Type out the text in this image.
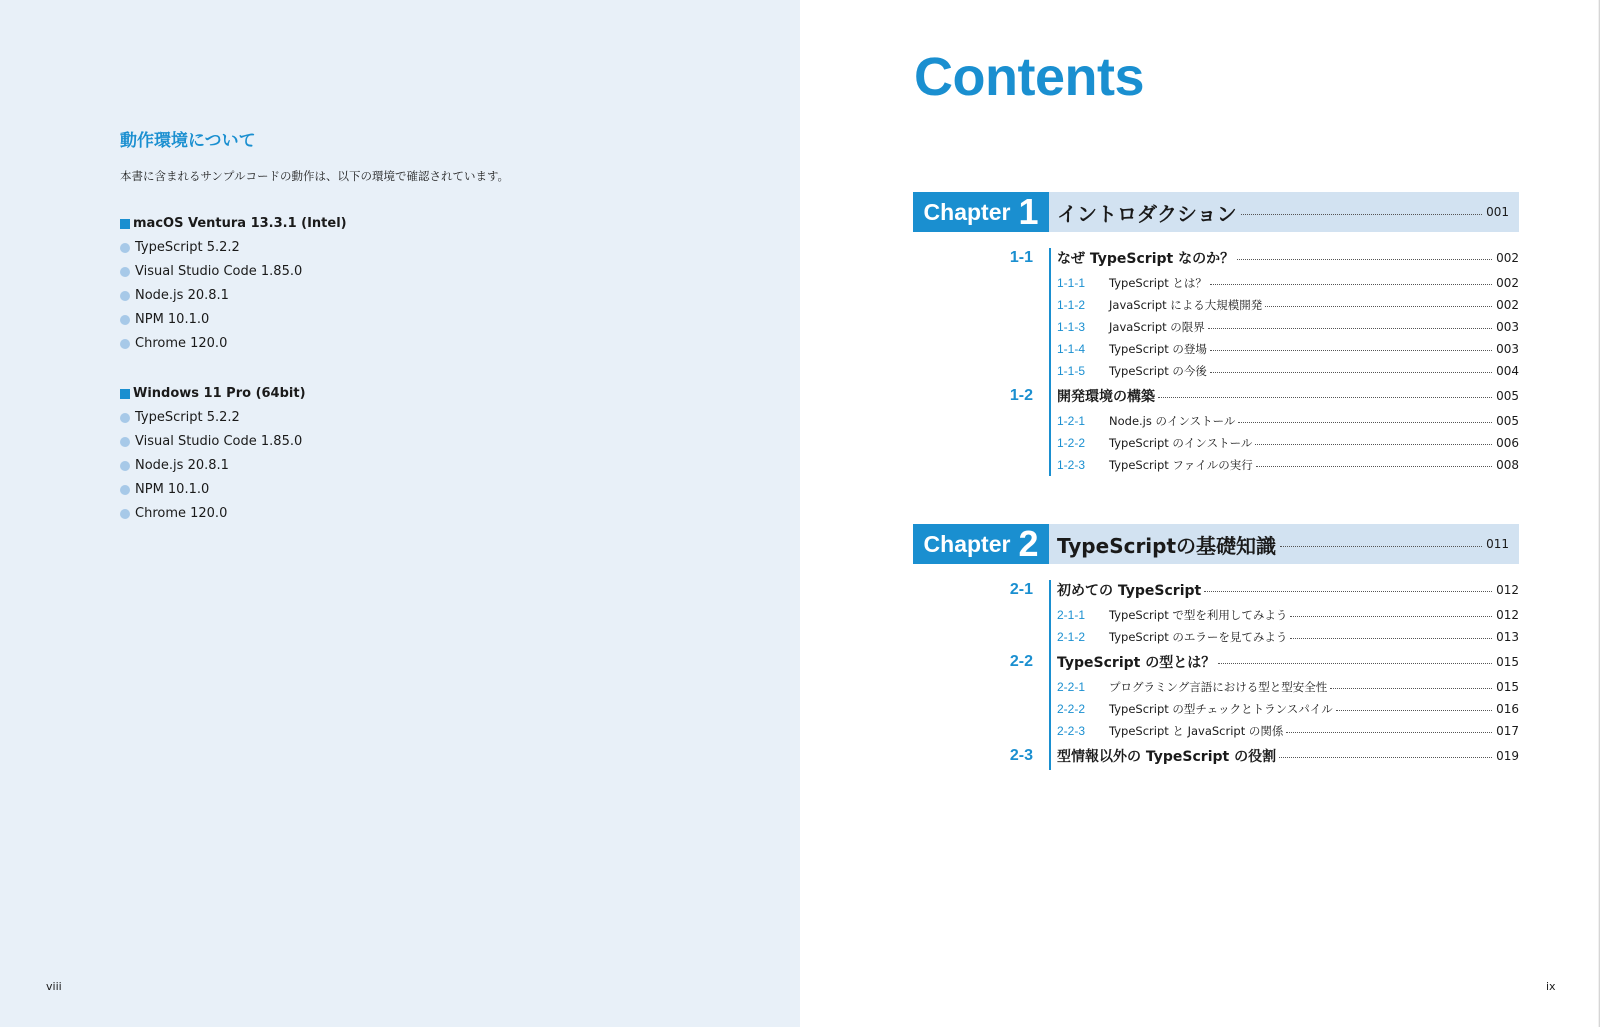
動作環境について
本書に含まれるサンプルコードの動作は、以下の環境で確認されています。
macOS Ventura 13.3.1 (Intel)
TypeScript 5.2.2
Visual Studio Code 1.85.0
Node.js 20.8.1
NPM 10.1.0
Chrome 120.0
Windows 11 Pro (64bit)
TypeScript 5.2.2
Visual Studio Code 1.85.0
Node.js 20.8.1
NPM 10.1.0
Chrome 120.0
viii
Contents
Chapter 1 イントロダクション	001
1-1 なぜ TypeScript なのか？	002
1-1-1 TypeScript とは？	002
1-1-2 JavaScript による大規模開発	002
1-1-3 JavaScript の限界	003
1-1-4 TypeScript の登場	003
1-1-5 TypeScript の今後	004
1-2 開発環境の構築	005
1-2-1 Node.js のインストール	005
1-2-2 TypeScript のインストール	006
1-2-3 TypeScript ファイルの実行	008
Chapter 2 TypeScriptの基礎知識	011
2-1 初めての TypeScript	012
2-1-1 TypeScript で型を利用してみよう	012
2-1-2 TypeScript のエラーを見てみよう	013
2-2 TypeScript の型とは？	015
2-2-1 プログラミング言語における型と型安全性	015
2-2-2 TypeScript の型チェックとトランスパイル	016
2-2-3 TypeScript と JavaScript の関係	017
2-3 型情報以外の TypeScript の役割	019
ix
